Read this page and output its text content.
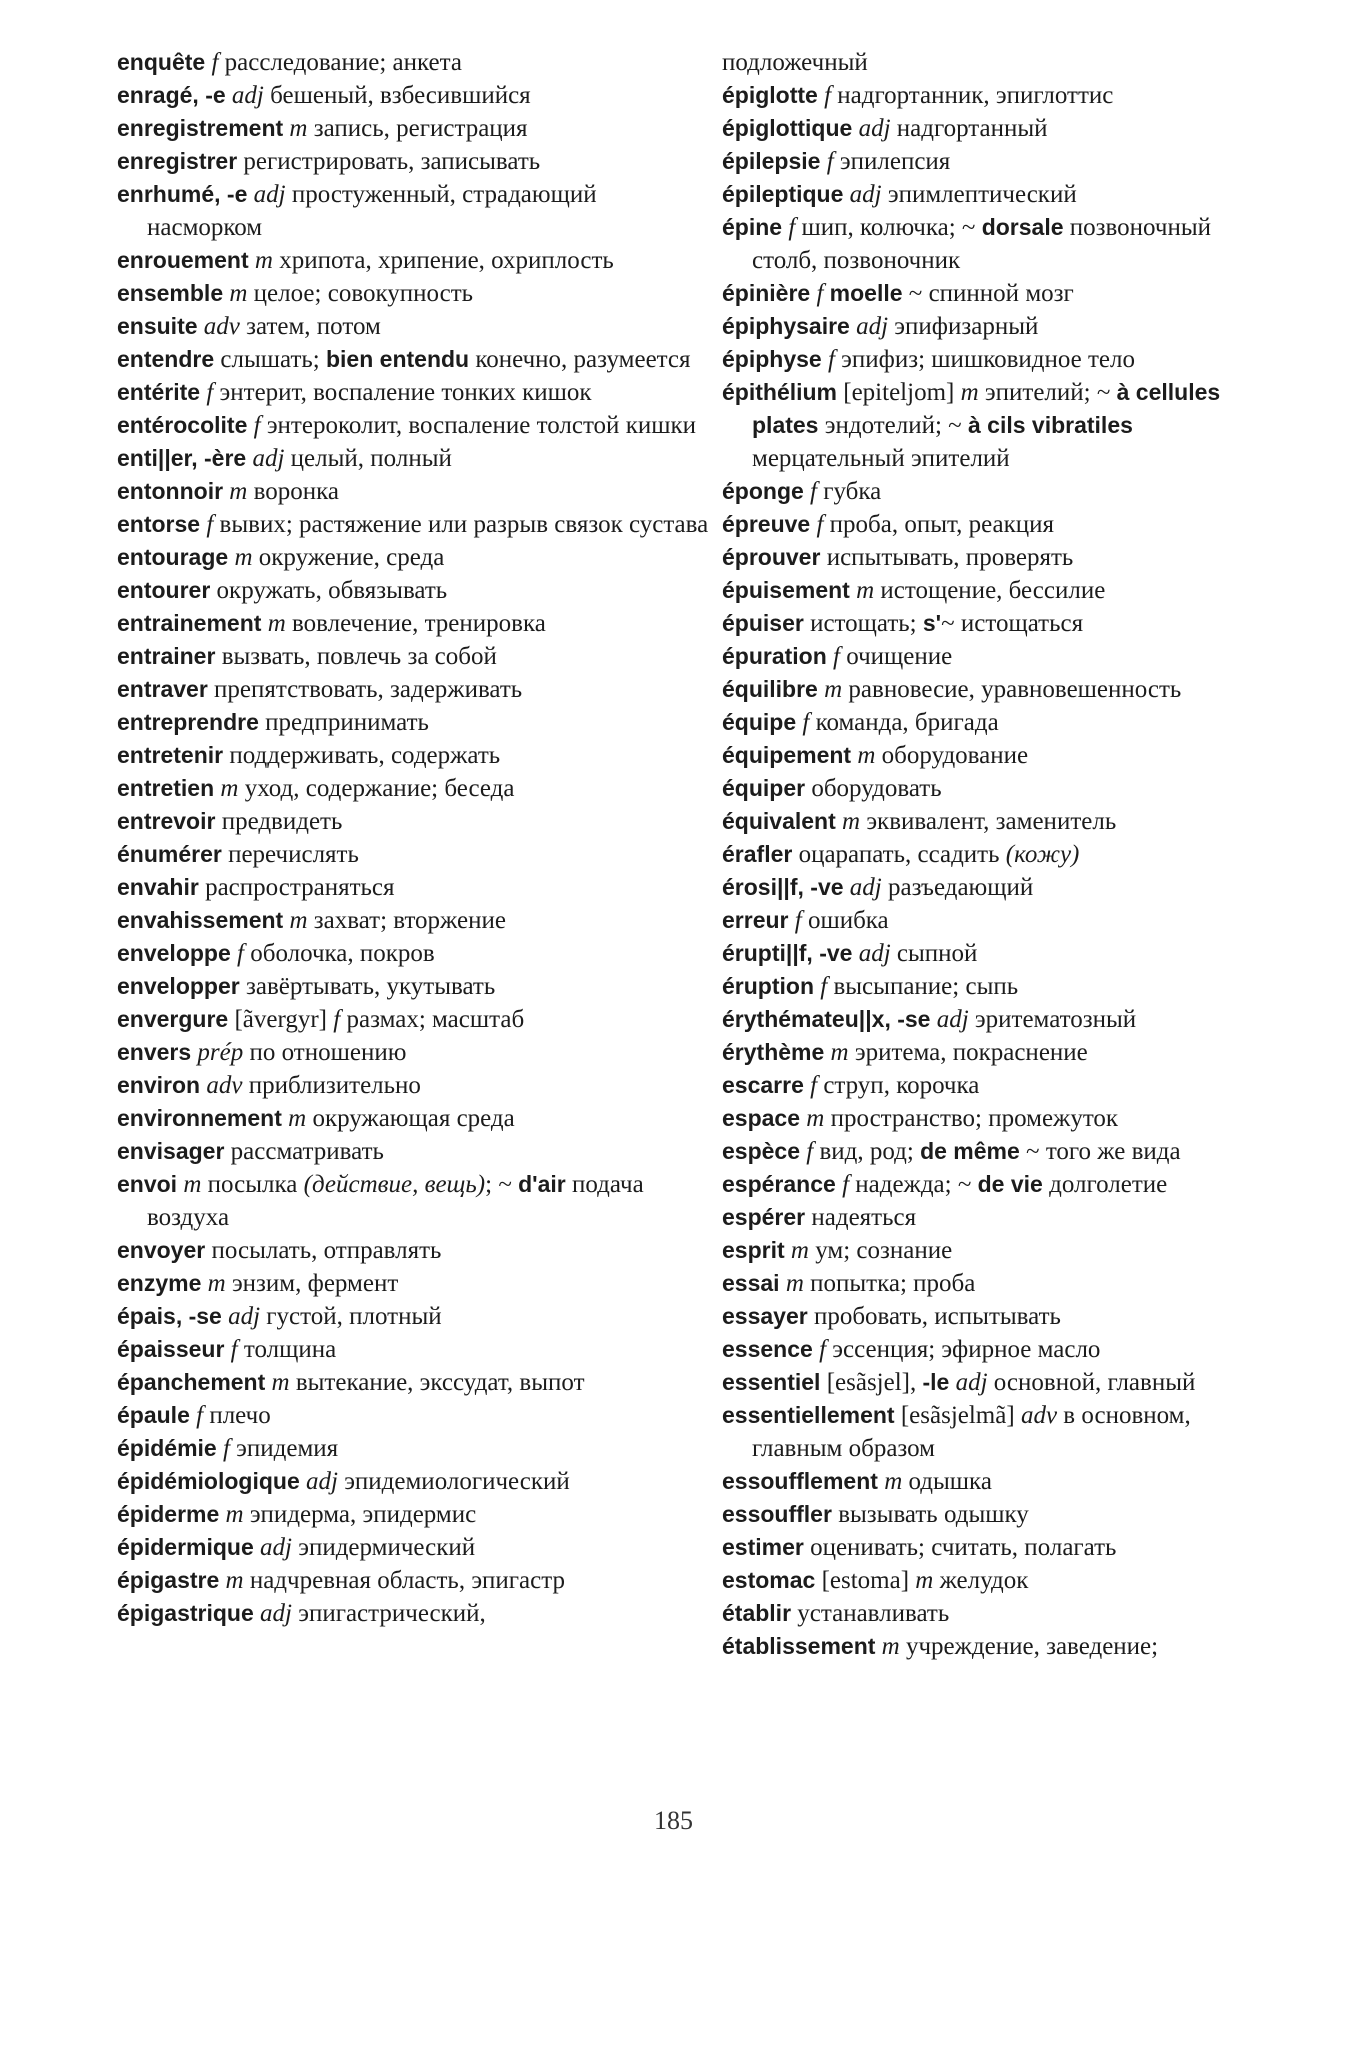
enquête f расследование; анкета
enragé, -e adj бешеный, взбесившийся
enregistrement m запись, регистрация
enregistrer регистрировать, записывать
enrhumé, -e adj простуженный, страдающий насморком
enrouement m хрипота, хрипение, охриплость
ensemble m целое; совокупность
ensuite adv затем, потом
entendre слышать; bien entendu конечно, разумеется
entérite f энтерит, воспаление тонких кишок
entérocolite f энтероколит, воспаление толстой кишки
enti||er, -ère adj целый, полный
entonnoir m воронка
entorse f вывих; растяжение или разрыв связок сустава
entourage m окружение, среда
entourer окружать, обвязывать
entrainement m вовлечение, тренировка
entrainer вызвать, повлечь за собой
entraver препятствовать, задерживать
entreprendre предпринимать
entretenir поддерживать, содержать
entretien m уход, содержание; беседа
entrevoir предвидеть
énumérer перечислять
envahir распространяться
envahissement m захват; вторжение
enveloppe f оболочка, покров
envelopper завёртывать, укутывать
envergure [ãvergyr] f размах; масштаб
envers prép по отношению
environ adv приблизительно
environnement m окружающая среда
envisager рассматривать
envoi m посылка (действие, вещь); ~ d'air подача воздуха
envoyer посылать, отправлять
enzyme m энзим, фермент
épais, -se adj густой, плотный
épaisseur f толщина
épanchement m вытекание, экссудат, выпот
épaule f плечо
épidémie f эпидемия
épidémiologique adj эпидемиологический
épiderme m эпидерма, эпидермис
épidermique adj эпидермический
épigastre m надчревная область, эпигастр
épigastrique adj эпигастрический,
подложечный
épiglotte f надгортанник, эпиглоттис
épiglottique adj надгортанный
épilepsie f эпилепсия
épileptique adj эпимлептический
épine f шип, колючка; ~ dorsale позвоночный столб, позвоночник
épinière f moelle ~ спинной мозг
épiphysaire adj эпифизарный
épiphyse f эпифиз; шишковидное тело
épithélium [epiteljom] m эпителий; ~ à cellules plates эндотелий; ~ à cils vibratiles мерцательный эпителий
éponge f губка
épreuve f проба, опыт, реакция
éprouver испытывать, проверять
épuisement m истощение, бессилие
épuiser истощать; s'~ истощаться
épuration f очищение
équilibre m равновесие, уравновешенность
équipe f команда, бригада
équipement m оборудование
équiper оборудовать
équivalent m эквивалент, заменитель
érafler оцарапать, ссадить (кожу)
érosi||f, -ve adj разъедающий
erreur f ошибка
érupti||f, -ve adj сыпной
éruption f высыпание; сыпь
érythémateu||x, -se adj эритематозный
érythème m эритема, покраснение
escarre f струп, корочка
espace m пространство; промежуток
espèce f вид, род; de même ~ того же вида
espérance f надежда; ~ de vie долголетие
espérer надеяться
esprit m ум; сознание
essai m попытка; проба
essayer пробовать, испытывать
essence f эссенция; эфирное масло
essentiel [esãsjel], -le adj основной, главный
essentiellement [esãsjelmã] adv в основном, главным образом
essoufflement m одышка
essouffler вызывать одышку
estimer оценивать; считать, полагать
estomac [estoma] m желудок
établir устанавливать
établissement m учреждение, заведение;
185
